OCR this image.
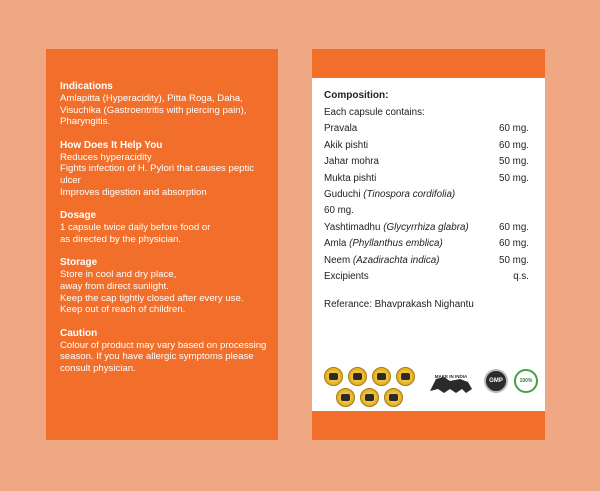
Indications

Amlapitta (Hyperacidity), Pitta Roga, Daha,

Visuchika (Gastroentritis with piercing pain),

Pharyngitis.

How Does It Help You

Reduces hyperacidity

Fights infection of H. Pylori that causes peptic

ulcer

Improves digestion and absorption

Dosage

1 capsule twice daily before food or

as directed by the physician.

Storage

Store in cool and dry place,

away from direct sunlight.

Keep the cap tightly closed after every use.

Keep out of reach of children.

Caution

Colour of product may vary based on processing

season. If you have allergic symptoms please

consult physician.

Composition:
Each capsule contains:
Pravala	60 mg.
Akik pishti	60 mg.
Jahar mohra	50 mg.
Mukta pishti	50 mg.
Guduchi (Tinospora cordifolia)
60 mg.
Yashtimadhu (Glycyrrhiza glabra)	60 mg.
Amla (Phyllanthus emblica)	60 mg.
Neem (Azadirachta indica)	50 mg.
Excipients	q.s.
Referance: Bhavprakash Nighantu
MAKE IN INDIA
GMP	100%
